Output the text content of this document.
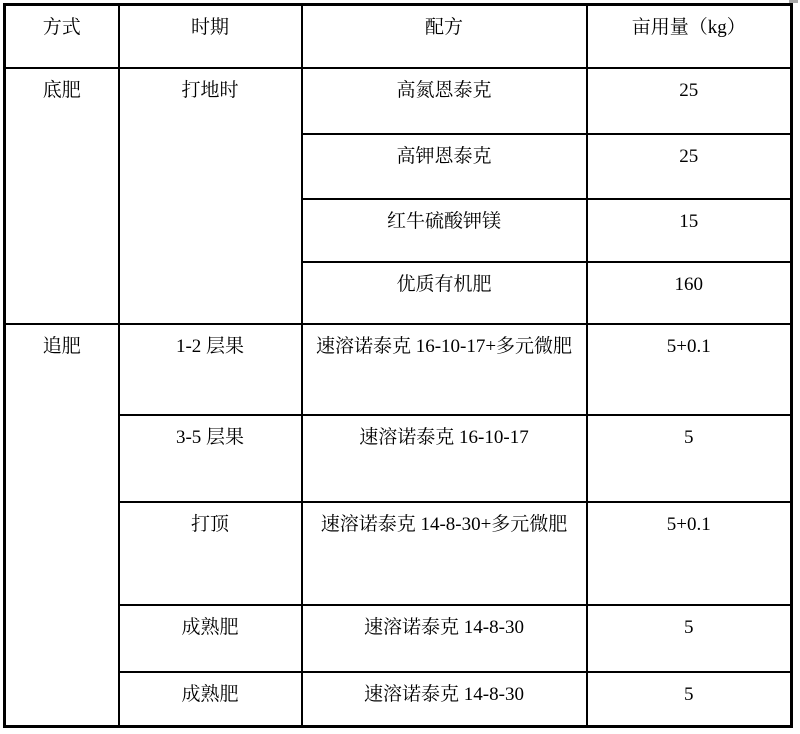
方式	时期	配方	亩用量（kg）
底肥	打地时	高氮恩泰克	25
		高钾恩泰克	25
		红牛硫酸钾镁	15
		优质有机肥	160
追肥	1-2 层果	速溶诺泰克 16-10-17+多元微肥	5+0.1
	3-5 层果	速溶诺泰克 16-10-17	5
	打顶	速溶诺泰克 14-8-30+多元微肥	5+0.1
	成熟肥	速溶诺泰克 14-8-30	5
	成熟肥	速溶诺泰克 14-8-30	5
